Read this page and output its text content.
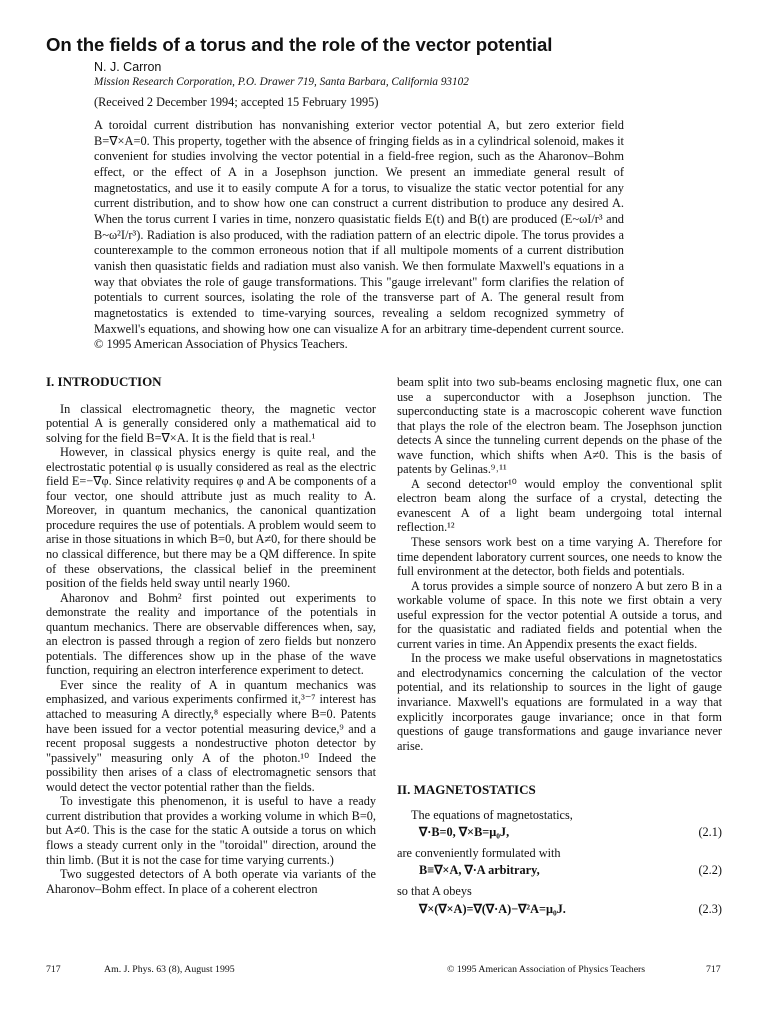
On the fields of a torus and the role of the vector potential
N. J. Carron
Mission Research Corporation, P.O. Drawer 719, Santa Barbara, California 93102
(Received 2 December 1994; accepted 15 February 1995)
A toroidal current distribution has nonvanishing exterior vector potential A, but zero exterior field B=∇×A=0. This property, together with the absence of fringing fields as in a cylindrical solenoid, makes it convenient for studies involving the vector potential in a field-free region, such as the Aharonov–Bohm effect, or the effect of A in a Josephson junction. We present an immediate general result of magnetostatics, and use it to easily compute A for a torus, to visualize the static vector potential for any current distribution, and to show how one can construct a current distribution to produce any desired A. When the torus current I varies in time, nonzero quasistatic fields E(t) and B(t) are produced (E~ωI/r³ and B~ω²I/r³). Radiation is also produced, with the radiation pattern of an electric dipole. The torus provides a counterexample to the common erroneous notion that if all multipole moments of a current distribution vanish then quasistatic fields and radiation must also vanish. We then formulate Maxwell's equations in a way that obviates the role of gauge transformations. This "gauge irrelevant" form clarifies the relation of potentials to current sources, isolating the role of the transverse part of A. The general result from magnetostatics is extended to time-varying sources, revealing a seldom recognized symmetry of Maxwell's equations, and showing how one can visualize A for an arbitrary time-dependent current source. © 1995 American Association of Physics Teachers.
I. INTRODUCTION

In classical electromagnetic theory, the magnetic vector potential A is generally considered only a mathematical aid to solving for the field B=∇×A. It is the field that is real.¹

However, in classical physics energy is quite real, and the electrostatic potential φ is usually considered as real as the electric field E=−∇φ. Since relativity requires φ and A be components of a four vector, one should attribute just as much reality to A. Moreover, in quantum mechanics, the canonical quantization procedure requires the use of potentials. A problem would seem to arise in those situations in which B=0, but A≠0, for there should be no classical difference, but there may be a QM difference. In spite of these observations, the classical belief in the preeminent position of the fields held sway until nearly 1960.

Aharonov and Bohm² first pointed out experiments to demonstrate the reality and importance of the potentials in quantum mechanics. There are observable differences when, say, an electron is passed through a region of zero fields but nonzero potentials. The differences show up in the phase of the wave function, requiring an electron interference experiment to detect.

Ever since the reality of A in quantum mechanics was emphasized, and various experiments confirmed it,³⁻⁷ interest has attached to measuring A directly,⁸ especially where B=0. Patents have been issued for a vector potential measuring device,⁹ and a recent proposal suggests a nondestructive photon detector by "passively" measuring only A of the photon.¹⁰ Indeed the possibility then arises of a class of electromagnetic sensors that would detect the vector potential rather than the fields.

To investigate this phenomenon, it is useful to have a ready current distribution that provides a working volume in which B=0, but A≠0. This is the case for the static A outside a torus on which flows a steady current only in the "toroidal" direction, around the thin limb. (But it is not the case for time varying currents.)

Two suggested detectors of A both operate via variants of the Aharonov–Bohm effect. In place of a coherent electron

beam split into two sub-beams enclosing magnetic flux, one can use a superconductor with a Josephson junction. The superconducting state is a macroscopic coherent wave function that plays the role of the electron beam. The Josephson junction detects A since the tunneling current depends on the phase of the wave function, which shifts when A≠0. This is the basis of patents by Gelinas.⁹˒¹¹

A second detector¹⁰ would employ the conventional split electron beam along the surface of a crystal, detecting the evanescent A of a light beam undergoing total internal reflection.¹²

These sensors work best on a time varying A. Therefore for time dependent laboratory current sources, one needs to know the full environment at the detector, both fields and potentials.

A torus provides a simple source of nonzero A but zero B in a workable volume of space. In this note we first obtain a very useful expression for the vector potential A outside a torus, and for the quasistatic and radiated fields and potential when the current varies in time. An Appendix presents the exact fields.

In the process we make useful observations in magnetostatics and electrodynamics concerning the calculation of the vector potential, and its relationship to sources in the light of gauge invariance. Maxwell's equations are formulated in a way that explicitly incorporates gauge invariance; once in that form questions of gauge transformations and gauge invariance never arise.

II. MAGNETOSTATICS

The equations of magnetostatics,

∇·B=0, ∇×B=μ₀J,	(2.1)

are conveniently formulated with

B≡∇×A, ∇·A arbitrary,	(2.2)

so that A obeys

∇×(∇×A)=∇(∇·A)−∇²A=μ₀J.	(2.3)
717	Am. J. Phys. 63 (8), August 1995	© 1995 American Association of Physics Teachers	717
